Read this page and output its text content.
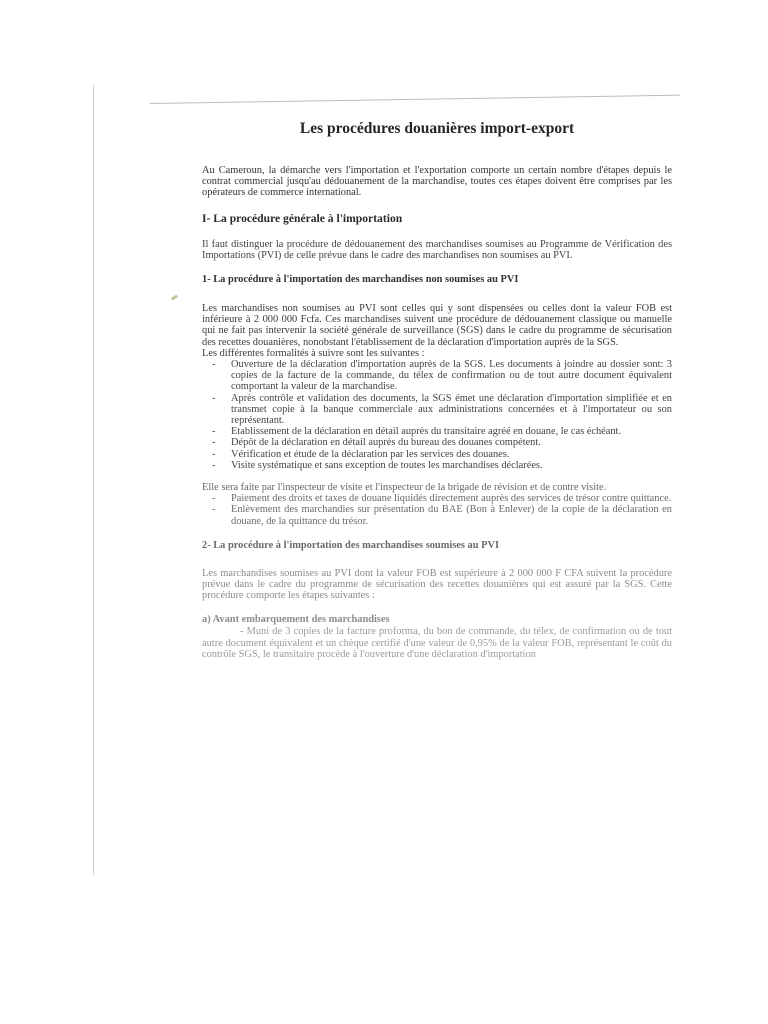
Les procédures douanières import-export

Au Cameroun, la démarche vers l'importation et l'exportation comporte un certain nombre d'étapes depuis le contrat commercial jusqu'au dédouanement de la marchandise, toutes ces étapes doivent être comprises par les opérateurs de commerce international.

I- La procédure générale à l'importation

Il faut distinguer la procédure de dédouanement des marchandises soumises au Programme de Vérification des Importations (PVI) de celle prévue dans le cadre des marchandises non soumises au PVI.

1- La procédure à l'importation des marchandises non soumises au PVI

Les marchandises non soumises au PVI sont celles qui y sont dispensées ou celles dont la valeur FOB est inférieure à 2 000 000 Fcfa. Ces marchandises suivent une procédure de dédouanement classique ou manuelle qui ne fait pas intervenir la société générale de surveillance (SGS) dans le cadre du programme de sécurisation des recettes douanières, nonobstant l'établissement de la déclaration d'importation auprès de la SGS.

Les différentes formalités à suivre sont les suivantes :

- Ouverture de la déclaration d'importation auprès de la SGS. Les documents à joindre au dossier sont: 3 copies de la facture de la commande, du télex de confirmation ou de tout autre document équivalent comportant la valeur de la marchandise.
- Après contrôle et validation des documents, la SGS émet une déclaration d'importation simplifiée et en transmet copie à la banque commerciale aux administrations concernées et à l'importateur ou son représentant.
- Etablissement de la déclaration en détail auprès du transitaire agréé en douane, le cas échéant.
- Dépôt de la déclaration en détail auprès du bureau des douanes compétent.
- Vérification et étude de la déclaration par les services des douanes.
- Visite systématique et sans exception de toutes les marchandises déclarées.

Elle sera faite par l'inspecteur de visite et l'inspecteur de la brigade de révision et de contre visite.

- Paiement des droits et taxes de douane liquidés directement auprès des services de trésor contre quittance.
- Enlèvement des marchandies sur présentation du BAE (Bon à Enlever) de la copie de la déclaration en douane, de la quittance du trésor.
2- La procédure à l'importation des marchandises soumises au PVI

Les marchandises soumises au PVI dont la valeur FOB est supérieure à 2 000 000 F CFA suivent la procédure prévue dans le cadre du programme de sécurisation des recettes douanières qui est assuré par la SGS. Cette procédure comporte les étapes suivantes :

a) Avant embarquement des marchandises

- Muni de 3 copies de la facture proforma, du bon de commande, du télex, de confirmation ou de tout autre document équivalent et un chèque certifié d'une valeur de 0,95% de la valeur FOB, représentant le coût du contrôle SGS, le transitaire procède à l'ouverture d'une déclaration d'importation
